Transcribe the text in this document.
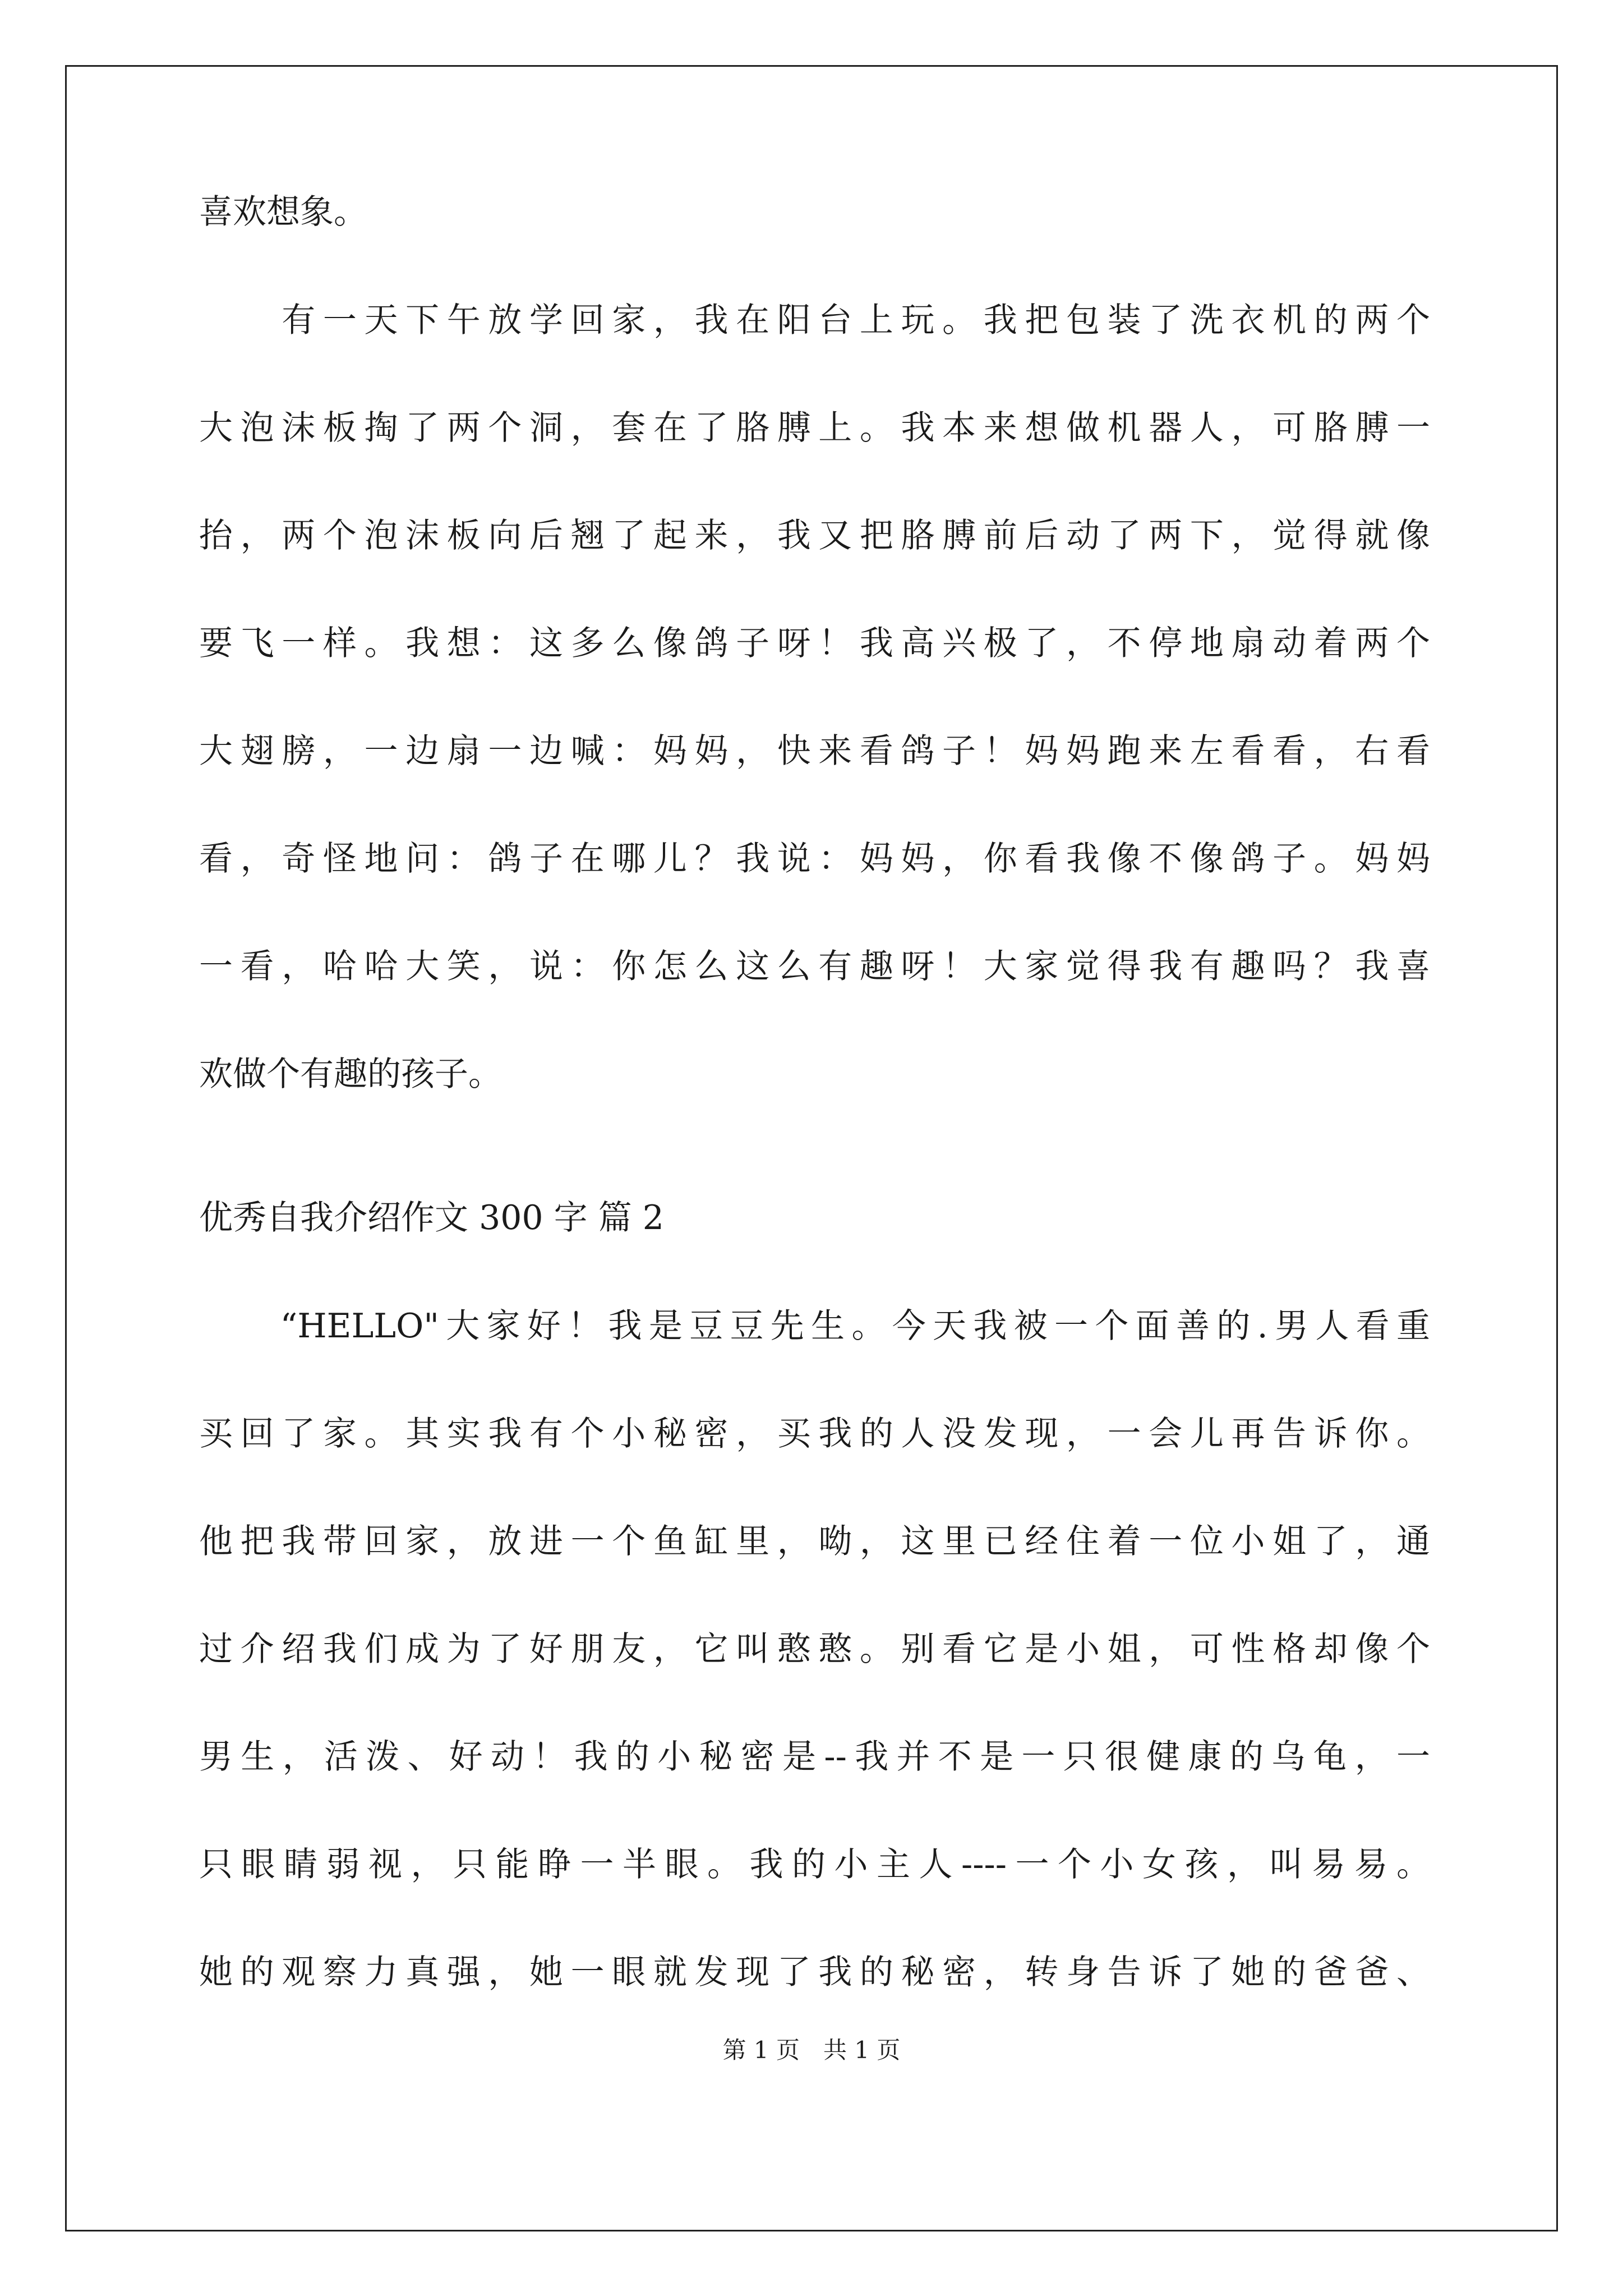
喜欢想象。
　　有一天下午放学回家，我在阳台上玩。我把包装了洗衣机的两个
大泡沫板掏了两个洞，套在了胳膊上。我本来想做机器人，可胳膊一
抬，两个泡沫板向后翘了起来，我又把胳膊前后动了两下，觉得就像
要飞一样。我想：这多么像鸽子呀！我高兴极了，不停地扇动着两个
大翅膀，一边扇一边喊：妈妈，快来看鸽子！妈妈跑来左看看，右看
看，奇怪地问：鸽子在哪儿？我说：妈妈，你看我像不像鸽子。妈妈
一看，哈哈大笑，说：你怎么这么有趣呀！大家觉得我有趣吗？我喜
欢做个有趣的孩子。
优秀自我介绍作文 300 字 篇 2
　　“HELLO"大家好！我是豆豆先生。今天我被一个面善的.男人看重
买回了家。其实我有个小秘密，买我的人没发现，一会儿再告诉你。
他把我带回家，放进一个鱼缸里，呦，这里已经住着一位小姐了，通
过介绍我们成为了好朋友，它叫憨憨。别看它是小姐，可性格却像个
男生，活泼、好动！我的小秘密是--我并不是一只很健康的乌龟，一
只眼睛弱视，只能睁一半眼。我的小主人----一个小女孩，叫易易。
她的观察力真强，她一眼就发现了我的秘密，转身告诉了她的爸爸、
第 1 页　共 1 页
